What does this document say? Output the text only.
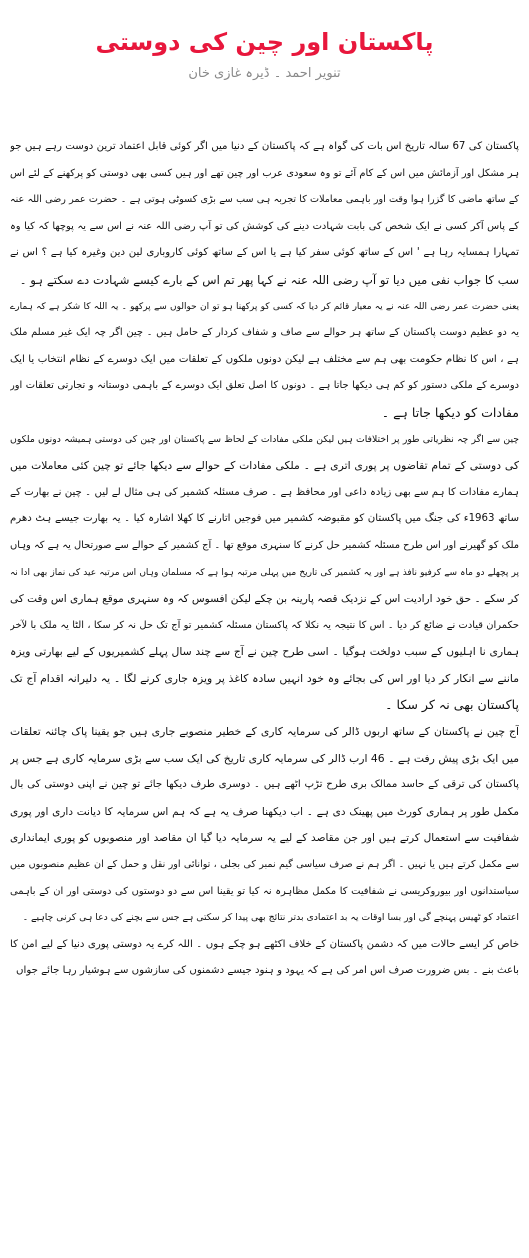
پاکستان اور چین کی دوستی
تنویر احمد ۔ ڈیرہ غازی خان
پاکستان کی 67 سالہ تاریخ اس بات کی گواہ ہے کہ پاکستان کے دنیا میں اگر کوئی قابل اعتماد ترین دوست رہے ہیں جو
ہر مشکل اور آزمائش میں اس کے کام آئے تو وہ سعودی عرب اور چین تھے اور ہیں کسی بھی دوستی کو پرکھنے کے لئے اس
کے ساتھ ماضی کا گزرا ہوا وقت اور باہمی معاملات کا تجربہ ہی سب سے بڑی کسوٹی ہوتی ہے ۔ حضرت عمر رضی اللہ عنہ
کے پاس آکر کسی نے ایک شخص کی بابت شہادت دینے کی کوشش کی تو آپ رضی اللہ عنہ نے اس سے یہ پوچھا کہ کیا وہ
تمہارا ہمسایہ رہا ہے ' اس کے ساتھ کوئی سفر کیا ہے یا اس کے ساتھ کوئی کاروباری لین دین وغیرہ کیا ہے ؟ اس نے
سب کا جواب نفی میں دیا تو آپ رضی اللہ عنہ نے کہا پھر تم اس کے بارے کیسے شہادت دے سکتے ہو ۔
یعنی حضرت عمر رضی اللہ عنہ نے یہ معیار قائم کر دیا کہ کسی کو پرکھنا ہو تو ان حوالوں سے پرکھو ۔ یہ اللہ کا شکر ہے کہ ہمارے
یہ دو عظیم دوست پاکستان کے ساتھ ہر حوالے سے صاف و شفاف کردار کے حامل ہیں ۔ چین اگر چہ ایک غیر مسلم ملک
ہے ، اس کا نظام حکومت بھی ہم سے مختلف ہے لیکن دونوں ملکوں کے تعلقات میں ایک دوسرے کے نظام انتخاب یا ایک
دوسرے کے ملکی دستور کو کم ہی دیکھا جاتا ہے ۔ دونوں کا اصل تعلق ایک دوسرے کے باہمی دوستانہ و تجارتی تعلقات اور
مفادات کو دیکھا جاتا ہے ۔
چین سے اگر چہ نظریاتی طور پر اختلافات ہیں لیکن ملکی مفادات کے لحاظ سے پاکستان اور چین کی دوستی ہمیشہ دونوں ملکوں
کی دوستی کے تمام تقاضوں پر پوری اتری ہے ۔ ملکی مفادات کے حوالے سے دیکھا جائے تو چین کئی معاملات میں
ہمارے مفادات کا ہم سے بھی زیادہ داعی اور محافظ ہے ۔ صرف مسئلہ کشمیر کی ہی مثال لے لیں ۔ چین نے بھارت کے
ساتھ 1963ء کی جنگ میں پاکستان کو مقبوضہ کشمیر میں فوجیں اتارنے کا کھلا اشارہ کیا ۔ یہ بھارت جیسے ہٹ دھرم
ملک کو گھیرنے اور اس طرح مسئلہ کشمیر حل کرنے کا سنہری موقع تھا ۔ آج کشمیر کے حوالے سے صورتحال یہ ہے کہ وہاں
پر پچھلے دو ماہ سے کرفیو نافذ ہے اور یہ کشمیر کی تاریخ میں پہلی مرتبہ ہوا ہے کہ مسلمان وہاں اس مرتبہ عید کی نماز بھی ادا نہ
کر سکے ۔ حق خود ارادیت اس کے نزدیک قصہ پارینہ بن چکے لیکن افسوس کہ وہ سنہری موقع ہماری اس وقت کی
حکمران قیادت نے ضائع کر دیا ۔ اس کا نتیجہ یہ نکلا کہ پاکستان مسئلہ کشمیر تو آج تک حل نہ کر سکا ، الٹا یہ ملک با لآخر
ہماری نا اہلیوں کے سبب دولخت ہوگیا ۔ اسی طرح چین نے آج سے چند سال پہلے کشمیریوں کے لیے بھارتی ویزہ
ماننے سے انکار کر دیا اور اس کی بجائے وہ خود انہیں سادہ کاغذ پر ویزہ جاری کرنے لگا ۔ یہ دلیرانہ اقدام آج تک
پاکستان بھی نہ کر سکا ۔
آج چین نے پاکستان کے ساتھ اربوں ڈالر کی سرمایہ کاری کے خطیر منصوبے جاری ہیں جو یقینا پاک چائنہ تعلقات
میں ایک بڑی پیش رفت ہے ۔ 46 ارب ڈالر کی سرمایہ کاری تاریخ کی ایک سب سے بڑی سرمایہ کاری ہے جس پر
پاکستان کی ترقی کے حاسد ممالک بری طرح تڑپ اٹھے ہیں ۔ دوسری طرف دیکھا جائے تو چین نے اپنی دوستی کی بال
مکمل طور پر ہماری کورٹ میں پھینک دی ہے ۔ اب دیکھنا صرف یہ ہے کہ ہم اس سرمایہ کا دیانت داری اور پوری
شفافیت سے استعمال کرتے ہیں اور جن مقاصد کے لیے یہ سرمایہ دیا گیا ان مقاصد اور منصوبوں کو پوری ایمانداری
سے مکمل کرتے ہیں یا نہیں ۔ اگر ہم نے صرف سیاسی گیم نمبر کی بجلی ، توانائی اور نقل و حمل کے ان عظیم منصوبوں میں
سیاستدانوں اور بیوروکریسی نے شفافیت کا مکمل مظاہرہ نہ کیا تو یقینا اس سے دو دوستوں کی دوستی اور ان کے باہمی
اعتماد کو ٹھیس پہنچے گی اور بسا اوقات یہ بد اعتمادی بدتر نتائج بھی پیدا کر سکتی ہے جس سے بچنے کی دعا ہی کرنی چاہیے ۔
خاص کر ایسے حالات میں کہ دشمن پاکستان کے خلاف اکٹھے ہو چکے ہوں ۔ اللہ کرے یہ دوستی پوری دنیا کے لیے امن کا
باعث بنے ۔ بس ضرورت صرف اس امر کی ہے کہ یہود و ہنود جیسے دشمنوں کی سازشوں سے ہوشیار رہا جائے جواں
